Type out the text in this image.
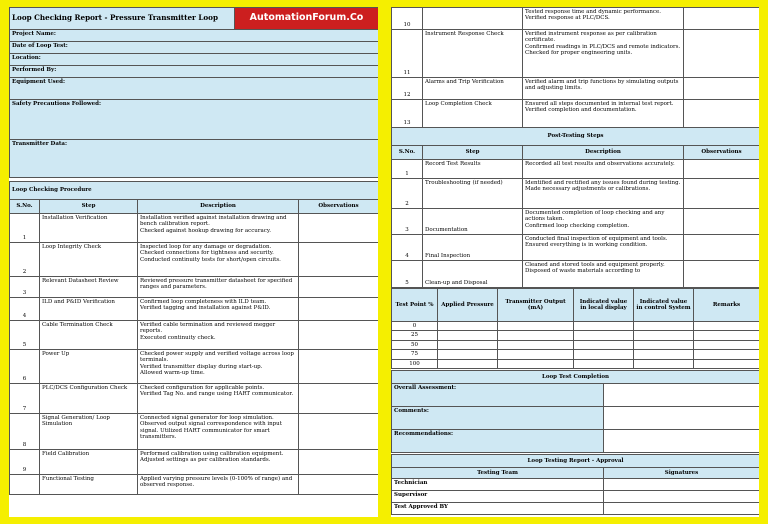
Loop Checking Report - Pressure Transmitter Loop	AutomationForum.Co
Project Name:
Date of Loop Test:
Location:
Performed By:
Equipment Used:
Safety Precautions Followed:
Transmitter Data:
Loop Checking Procedure			
S.No.	Step	Description	Observations
1	Installation Verification	Installation verified against installation drawing and bench calibration report.
Checked against hookup drawing for accuracy.	

2	Loop Integrity Check	Inspected loop for any damage or degradation.
Checked connections for tightness and security.
Conducted continuity tests for short/open circuits.	

3	Relevant Datasheet Review	Reviewed pressure transmitter datasheet for specified ranges and parameters.	

4	ILD and P&ID Verification	Confirmed loop completeness with ILD team.
Verified tagging and installation against P&ID.	

5	Cable Termination Check	Verified cable termination and reviewed megger reports.
Executed continuity check.	

6	Power Up	Checked power supply and verified voltage across loop terminals.
Verified transmitter display during start-up.
Allowed warm-up time.	

7	PLC/DCS Configuration Check	Checked configuration for applicable points.
Verified Tag No. and range using HART communicator.	

8	Signal Generation/ Loop Simulation	Connected signal generator for loop simulation.
Observed output signal correspondence with input signal. Utilized HART communicator for smart transmitters.	

9	Field Calibration	Performed calibration using calibration equipment.
Adjusted settings as per calibration standards.	

	Functional Testing	Applied varying pressure levels (0-100% of range) and observed response.	

10		Tested response time and dynamic performance.
Verified response at PLC/DCS.	

11	Instrument Response Check	Verified instrument response as per calibration certificate.
Confirmed readings in PLC/DCS and remote indicators.
Checked for proper engineering units.	

12	Alarms and Trip Verification	Verified alarm and trip functions by simulating outputs and adjusting limits.	

13	Loop Completion Check	Ensured all steps documented in internal test report.
Verified completion and documentation.	

Post-Testing Steps			
S.No.	Step	Description	Observations
1	Record Test Results	Recorded all test results and observations accurately.	

2	Troubleshooting (if needed)	Identified and rectified any issues found during testing.
Made necessary adjustments or calibrations.	

3	Documentation	Documented completion of loop checking and any actions taken.
Confirmed loop checking completion.	

4	Final Inspection	Conducted final inspection of equipment and tools.
Ensured everything is in working condition.	

5	Clean-up and Disposal	Cleaned and stored tools and equipment properly.
Disposed of waste materials according to	

Test Point %	Applied Pressure	Transmitter Output (mA)	Indicated value in local display	Indicated value in control System	Remarks
0					
25					
50					
75					
100					
Loop Test Completion	
Overall Assessment:	
Comments:	
Recommendations:	
Loop Testing Report - Approval	
Testing Team	Signatures
Technician	
Supervisor	
Test Approved BY	
